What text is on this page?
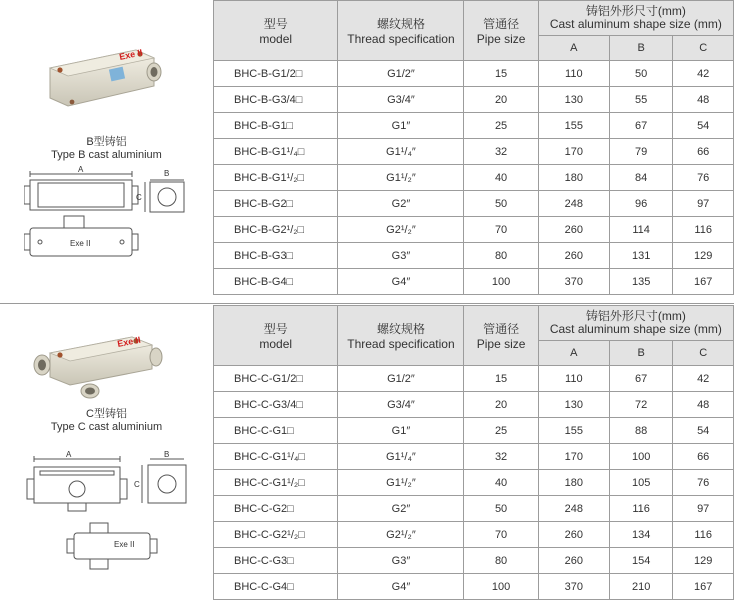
Exe II
B型铸铝
Type B cast aluminium
A	B
C
Exe II
型号
model	螺纹规格
Thread specification	管通径
Pipe size	铸铝外形尺寸(mm)
Cast aluminum shape size (mm)		

			A	B	C
BHC-B-G1/2□	G1/2″	15	110	50	42
BHC-B-G3/4□	G3/4″	20	130	55	48
BHC-B-G1□	G1″	25	155	67	54
BHC-B-G1¹/₄□	G1¹/₄″	32	170	79	66
BHC-B-G1¹/₂□	G1¹/₂″	40	180	84	76
BHC-B-G2□	G2″	50	248	96	97
BHC-B-G2¹/₂□	G2¹/₂″	70	260	114	116
BHC-B-G3□	G3″	80	260	131	129
BHC-B-G4□	G4″	100	370	135	167
Exe II
C型铸铝
Type C cast aluminium
A	B
C
Exe II
型号
model	螺纹规格
Thread specification	管通径
Pipe size	铸铝外形尺寸(mm)
Cast aluminum shape size (mm)		

			A	B	C
BHC-C-G1/2□	G1/2″	15	110	67	42
BHC-C-G3/4□	G3/4″	20	130	72	48
BHC-C-G1□	G1″	25	155	88	54
BHC-C-G1¹/₄□	G1¹/₄″	32	170	100	66
BHC-C-G1¹/₂□	G1¹/₂″	40	180	105	76
BHC-C-G2□	G2″	50	248	116	97
BHC-C-G2¹/₂□	G2¹/₂″	70	260	134	116
BHC-C-G3□	G3″	80	260	154	129
BHC-C-G4□	G4″	100	370	210	167
